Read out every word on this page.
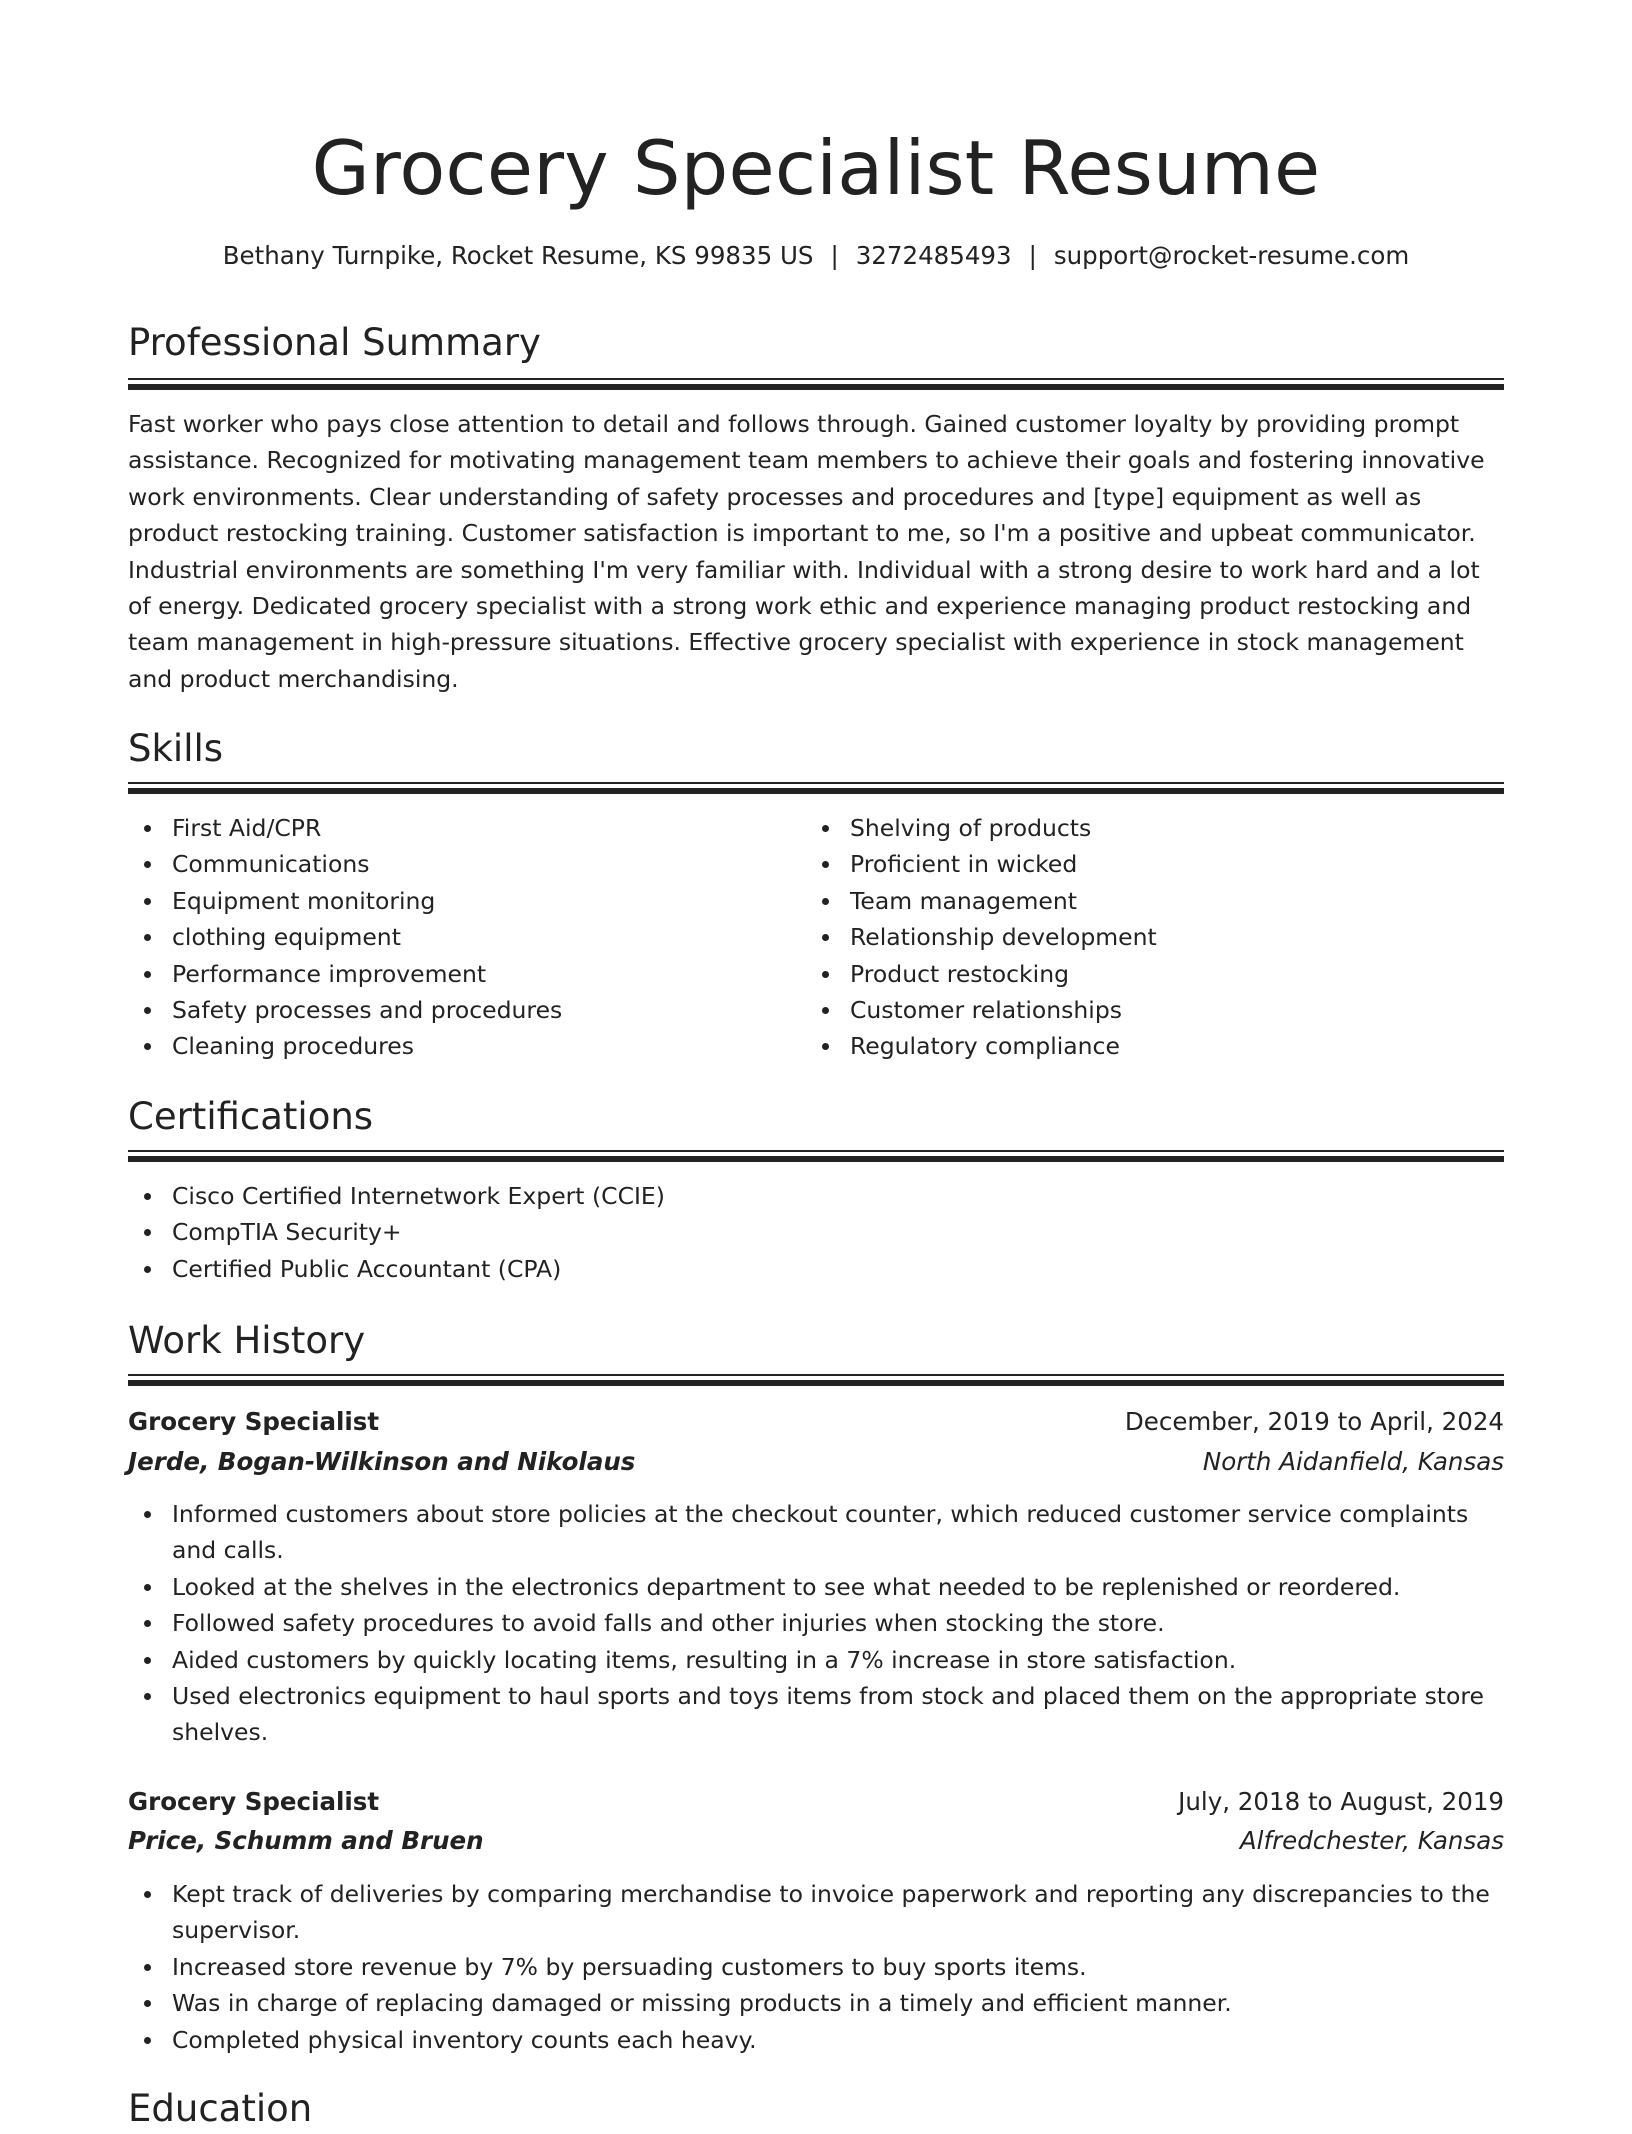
Grocery Specialist Resume
Bethany Turnpike, Rocket Resume, KS 99835 US | 3272485493 | support@rocket-resume.com
Professional Summary

Fast worker who pays close attention to detail and follows through. Gained customer loyalty by providing prompt assistance. Recognized for motivating management team members to achieve their goals and fostering innovative work environments. Clear understanding of safety processes and procedures and [type] equipment as well as product restocking training. Customer satisfaction is important to me, so I'm a positive and upbeat communicator. Industrial environments are something I'm very familiar with. Individual with a strong desire to work hard and a lot of energy. Dedicated grocery specialist with a strong work ethic and experience managing product restocking and team management in high-pressure situations. Effective grocery specialist with experience in stock management and product merchandising.

Skills
First Aid/CPR
Communications
Equipment monitoring
clothing equipment
Performance improvement
Safety processes and procedures
Cleaning procedures
Shelving of products
Proficient in wicked
Team management
Relationship development
Product restocking
Customer relationships
Regulatory compliance
Certifications
Cisco Certified Internetwork Expert (CCIE)
CompTIA Security+
Certified Public Accountant (CPA)
Work History
Grocery Specialist	December, 2019 to April, 2024
Jerde, Bogan-Wilkinson and Nikolaus	North Aidanfield, Kansas
Informed customers about store policies at the checkout counter, which reduced customer service complaints and calls.
Looked at the shelves in the electronics department to see what needed to be replenished or reordered.
Followed safety procedures to avoid falls and other injuries when stocking the store.
Aided customers by quickly locating items, resulting in a 7% increase in store satisfaction.
Used electronics equipment to haul sports and toys items from stock and placed them on the appropriate store shelves.
Grocery Specialist	July, 2018 to August, 2019
Price, Schumm and Bruen	Alfredchester, Kansas
Kept track of deliveries by comparing merchandise to invoice paperwork and reporting any discrepancies to the supervisor.
Increased store revenue by 7% by persuading customers to buy sports items.
Was in charge of replacing damaged or missing products in a timely and efficient manner.
Completed physical inventory counts each heavy.
Education
